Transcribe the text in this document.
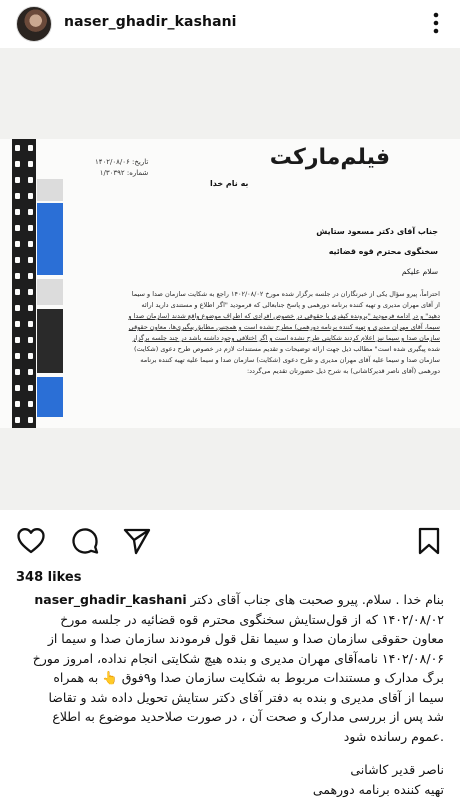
naser_ghadir_kashani
فیلم‌مارکت
تاریخ: ۱۴۰۲/۰۸/۰۶
شماره: ۱/۳۰۳۹۲
به نام خدا
جناب آقای دکتر مسعود ستایش
سخنگوی محترم قوه قضائیه
سلام علیکم
احتراماً، پیرو سؤال یکی از خبرنگاران در جلسه برگزار شده مورخ ۱۴۰۲/۰۸/۰۲ راجع به شکایت سازمان صدا و سیما
از آقای مهران مدیری و تهیه کننده برنامه دورهمی و پاسخ جنابعالی که فرمودید "اگر اطلاع و مستندی دارید ارائه
دهید" و در ادامه فرمودید "پرونده کیفری یا حقوقی در خصوص افرادی که اطراف موضوع واقع شدند (سازمان صدا و
سیما، آقای مهران مدیری و تهیه کننده برنامه دورهمی) مطرح نشده است و همچنین مطابق پیگیری‌ها، معاون حقوقی
سازمان صدا و سیما نیز اعلام کردند شکایتی طرح نشده است و اگر اختلافی وجود داشته باشد در چند جلسه برگزار
شده پیگیری شده است" مطالب ذیل جهت ارائه توضیحات و تقدیم مستندات لازم در خصوص طرح دعوی (شکایت)
سازمان صدا و سیما علیه آقای مهران مدیری و طرح دعوی (شکایت) سازمان صدا و سیما علیه تهیه کننده برنامه
دورهمی (آقای ناصر قدیرکاشانی) به شرح ذیل حضورتان تقدیم می‌گردد:
348 likes
بنام خدا . سلام. پیرو صحبت های جناب آقای دکتر naser_ghadir_kashani
۱۴۰۲/۰۸/۰۲ که از قول‌ستایش سخنگوی محترم قوه قضائیه در جلسه مورخ
معاون حقوقی سازمان صدا و سیما نقل قول فرمودند سازمان صدا و سیما از
۱۴۰۲/۰۸/۰۶ نامه‌آقای مهران مدیری و بنده هیچ شکایتی انجام نداده، امروز مورخ
برگ مدارک و مستندات مربوط به شکایت سازمان صدا و۹فوق 👆 به همراه
سیما از آقای مدیری و بنده به دفتر آقای دکتر ستایش تحویل داده شد و تقاضا
شد پس از بررسی مدارک و صحت آن ، در صورت صلاحدید موضوع به اطلاع
.عموم رسانده شود
ناصر قدیر کاشانی
تهیه کننده برنامه دورهمی
